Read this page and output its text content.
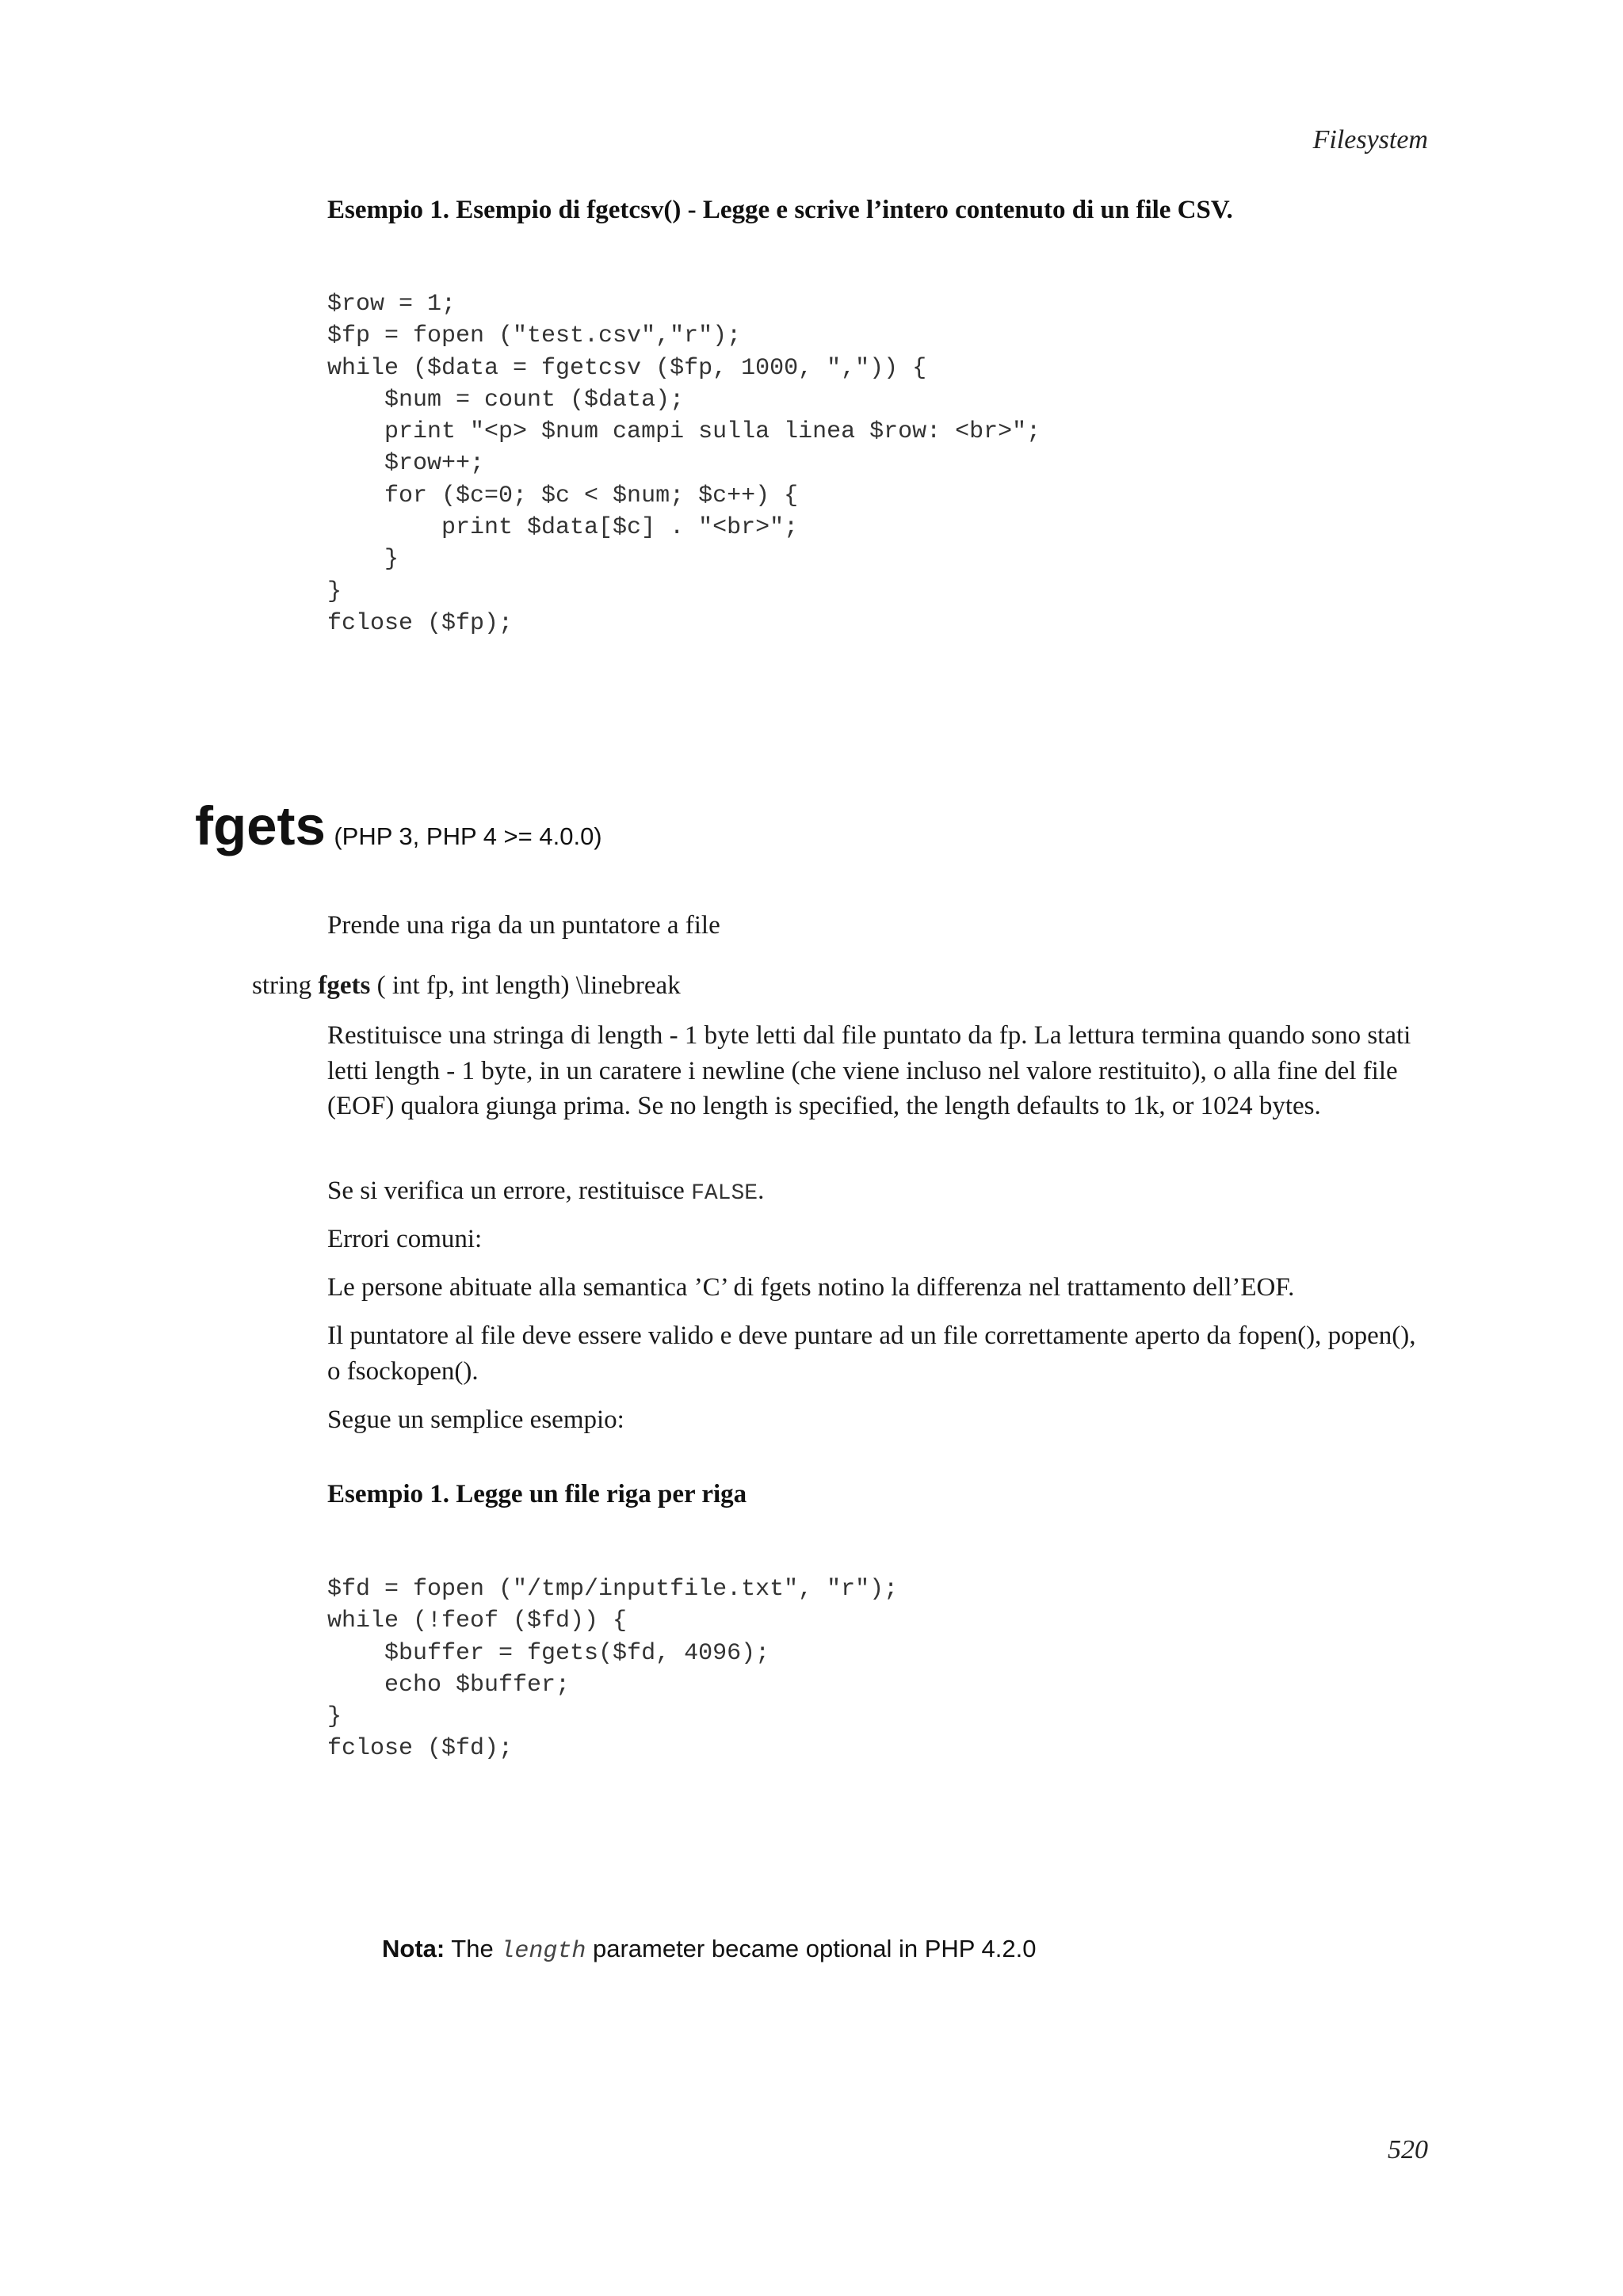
Filesystem
Esempio 1. Esempio di fgetcsv() - Legge e scrive l’intero contenuto di un file CSV.
$row = 1;
$fp = fopen ("test.csv","r");
while ($data = fgetcsv ($fp, 1000, ",")) {
$num = count ($data);
print "<p> $num campi sulla linea $row: <br>";
$row++;
for ($c=0; $c < $num; $c++) {
print $data[$c] . "<br>";
}
}
fclose ($fp);
fgets (PHP 3, PHP 4 >= 4.0.0)

Prende una riga da un puntatore a file

string fgets ( int fp, int length) \linebreak

Restituisce una stringa di length - 1 byte letti dal file puntato da fp. La lettura termina quando sono stati letti length - 1 byte, in un caratere i newline (che viene incluso nel valore restituito), o alla fine del file (EOF) qualora giunga prima. Se no length is specified, the length defaults to 1k, or 1024 bytes.

Se si verifica un errore, restituisce FALSE.

Errori comuni:

Le persone abituate alla semantica ’C’ di fgets notino la differenza nel trattamento dell’EOF.

Il puntatore al file deve essere valido e deve puntare ad un file correttamente aperto da fopen(), popen(), o fsockopen().

Segue un semplice esempio:

Esempio 1. Legge un file riga per riga
$fd = fopen ("/tmp/inputfile.txt", "r");
while (!feof ($fd)) {
$buffer = fgets($fd, 4096);
echo $buffer;
}
fclose ($fd);
Nota: The length parameter became optional in PHP 4.2.0
520
